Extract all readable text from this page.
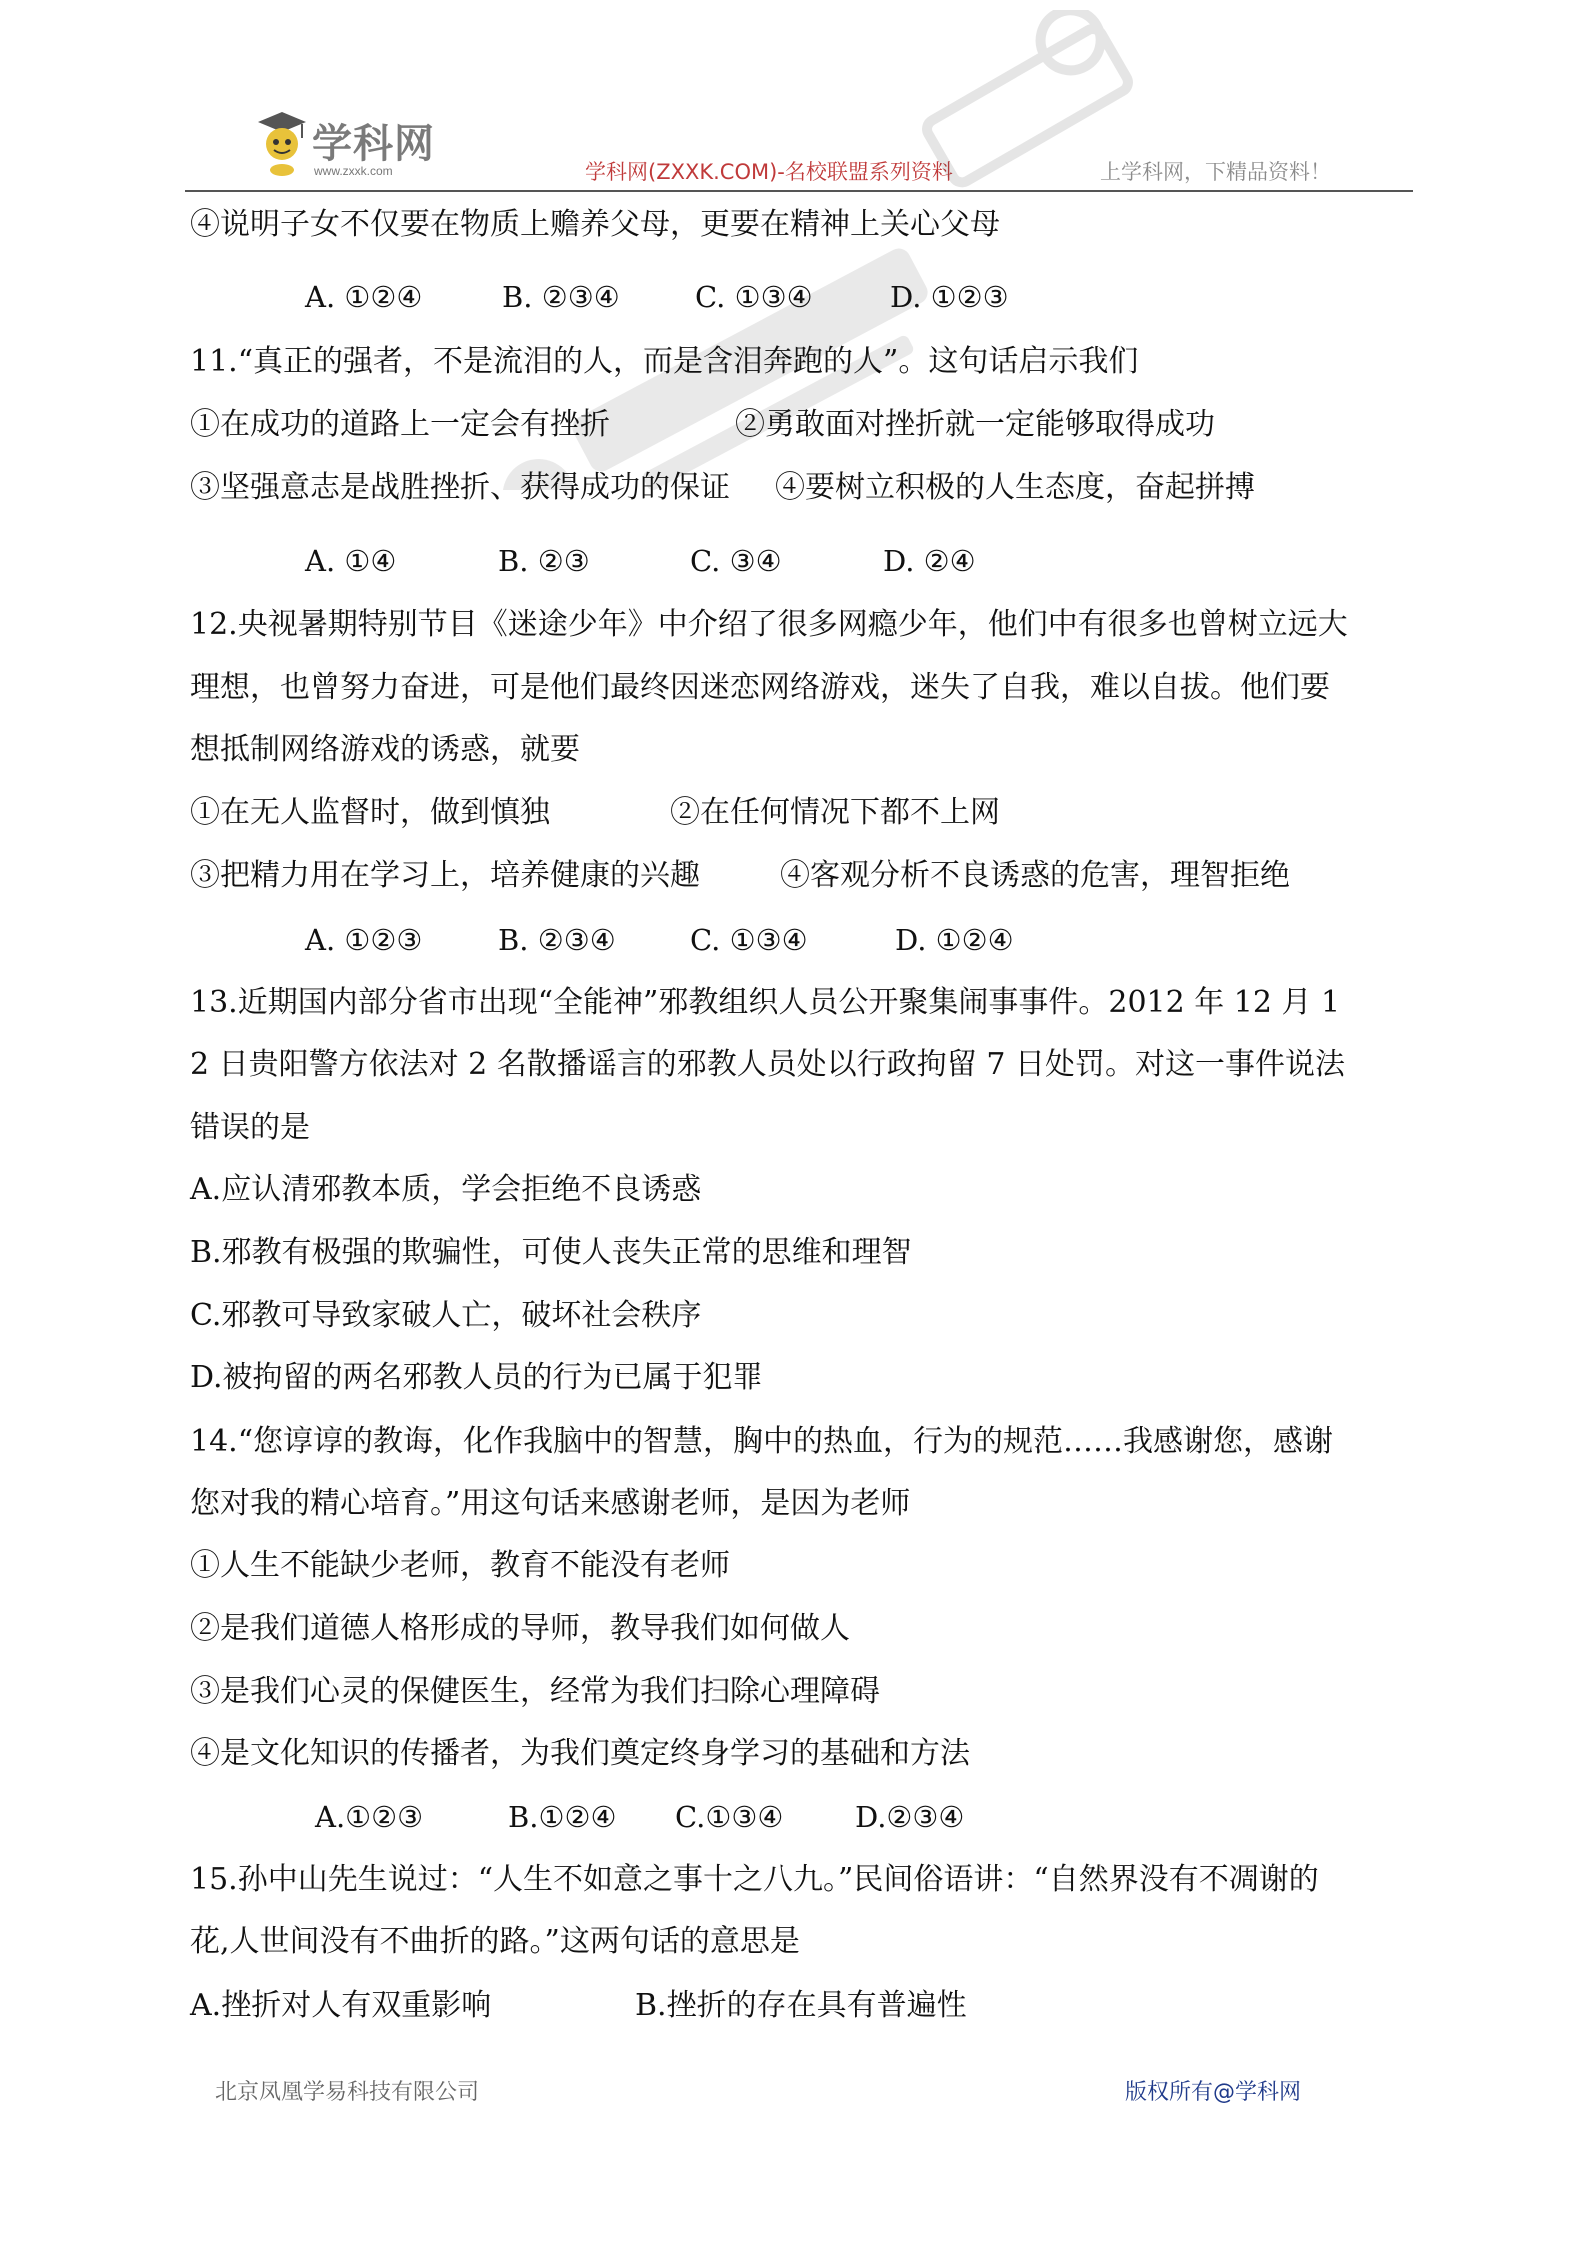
学科网
www.zxxk.com	学科网(ZXXK.COM)-名校联盟系列资料	上学科网，下精品资料！
④说明子女不仅要在物质上赡养父母，更要在精神上关心父母
A. ①②④	B. ②③④	C. ①③④	D. ①②③
11.“真正的强者，不是流泪的人，而是含泪奔跑的人”。这句话启示我们
①在成功的道路上一定会有挫折	②勇敢面对挫折就一定能够取得成功
③坚强意志是战胜挫折、获得成功的保证 ④要树立积极的人生态度，奋起拼搏
A. ①④	B. ②③	C. ③④	D. ②④
12.央视暑期特别节目《迷途少年》中介绍了很多网瘾少年，他们中有很多也曾树立远大
理想，也曾努力奋进，可是他们最终因迷恋网络游戏，迷失了自我，难以自拔。他们要
想抵制网络游戏的诱惑，就要
①在无人监督时，做到慎独	②在任何情况下都不上网
③把精力用在学习上，培养健康的兴趣	④客观分析不良诱惑的危害，理智拒绝
A. ①②③	B. ②③④	C. ①③④	D. ①②④
13.近期国内部分省市出现“全能神”邪教组织人员公开聚集闹事事件。2012 年 12 月 1
2 日贵阳警方依法对 2 名散播谣言的邪教人员处以行政拘留 7 日处罚。对这一事件说法
错误的是
A.应认清邪教本质，学会拒绝不良诱惑
B.邪教有极强的欺骗性，可使人丧失正常的思维和理智
C.邪教可导致家破人亡，破坏社会秩序
D.被拘留的两名邪教人员的行为已属于犯罪
14.“您谆谆的教诲，化作我脑中的智慧，胸中的热血，行为的规范……我感谢您，感谢
您对我的精心培育。”用这句话来感谢老师，是因为老师
①人生不能缺少老师，教育不能没有老师
②是我们道德人格形成的导师，教导我们如何做人
③是我们心灵的保健医生，经常为我们扫除心理障碍
④是文化知识的传播者，为我们奠定终身学习的基础和方法
A.①②③	B.①②④ C.①③④ D.②③④
15.孙中山先生说过：“人生不如意之事十之八九。”民间俗语讲：“自然界没有不凋谢的
花,人世间没有不曲折的路。”这两句话的意思是
A.挫折对人有双重影响	B.挫折的存在具有普遍性
北京凤凰学易科技有限公司	版权所有@学科网
